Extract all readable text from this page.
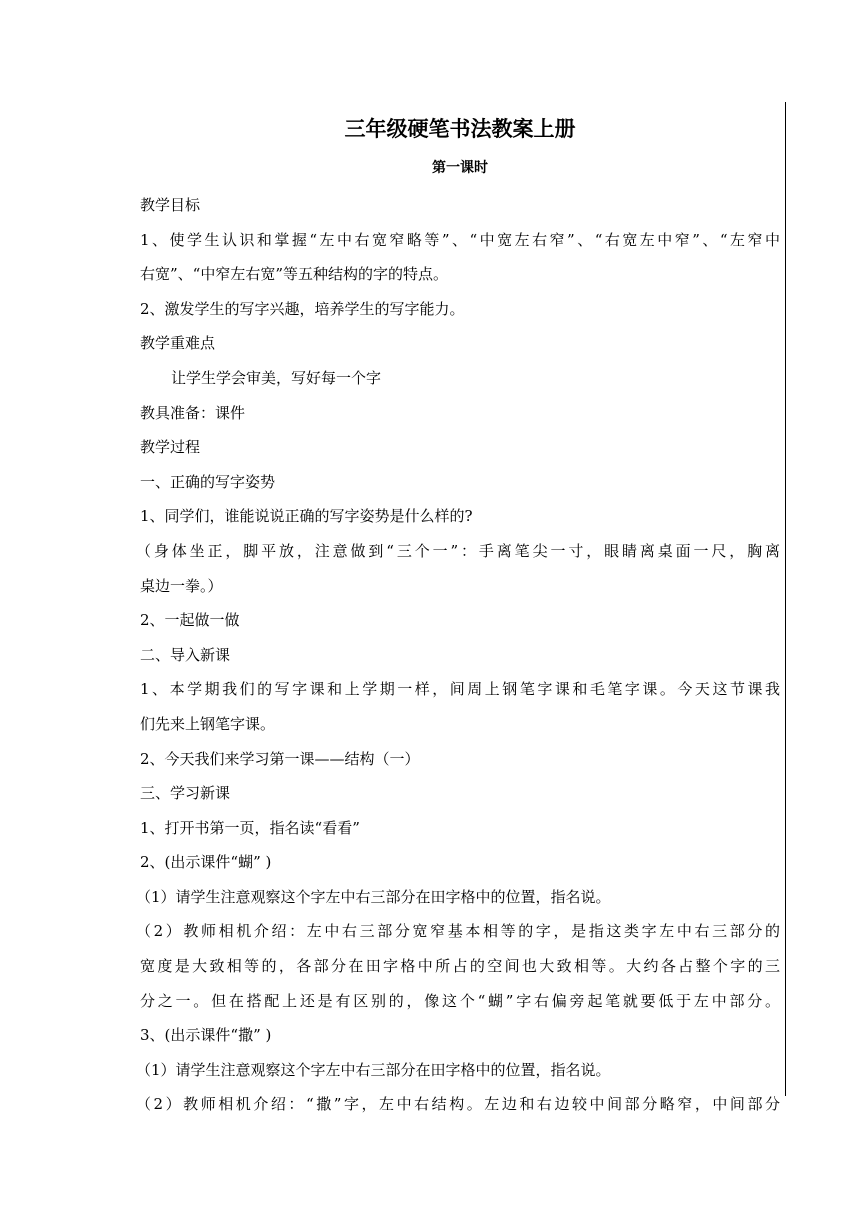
三年级硬笔书法教案上册
第一课时
教学目标
1、使学生认识和掌握“左中右宽窄略等”、“中宽左右窄”、“右宽左中窄”、“左窄中
右宽”、“中窄左右宽”等五种结构的字的特点。
2、激发学生的写字兴趣，培养学生的写字能力。
教学重难点
让学生学会审美，写好每一个字
教具准备：课件
教学过程
一、正确的写字姿势
1、同学们，谁能说说正确的写字姿势是什么样的?
（身体坐正，脚平放，注意做到“三个一”：手离笔尖一寸，眼睛离桌面一尺，胸离
桌边一拳。）
2、一起做一做
二、导入新课
1、本学期我们的写字课和上学期一样，间周上钢笔字课和毛笔字课。今天这节课我
们先来上钢笔字课。
2、今天我们来学习第一课——结构（一）
三、学习新课
1、打开书第一页，指名读“看看”
2、(出示课件“蝴” )
（1）请学生注意观察这个字左中右三部分在田字格中的位置，指名说。
（2）教师相机介绍：左中右三部分宽窄基本相等的字，是指这类字左中右三部分的
宽度是大致相等的，各部分在田字格中所占的空间也大致相等。大约各占整个字的三
分之一。但在搭配上还是有区别的，像这个“蝴”字右偏旁起笔就要低于左中部分。
3、(出示课件“撒” )
（1）请学生注意观察这个字左中右三部分在田字格中的位置，指名说。
（2）教师相机介绍：“撒”字，左中右结构。左边和右边较中间部分略窄，中间部分
